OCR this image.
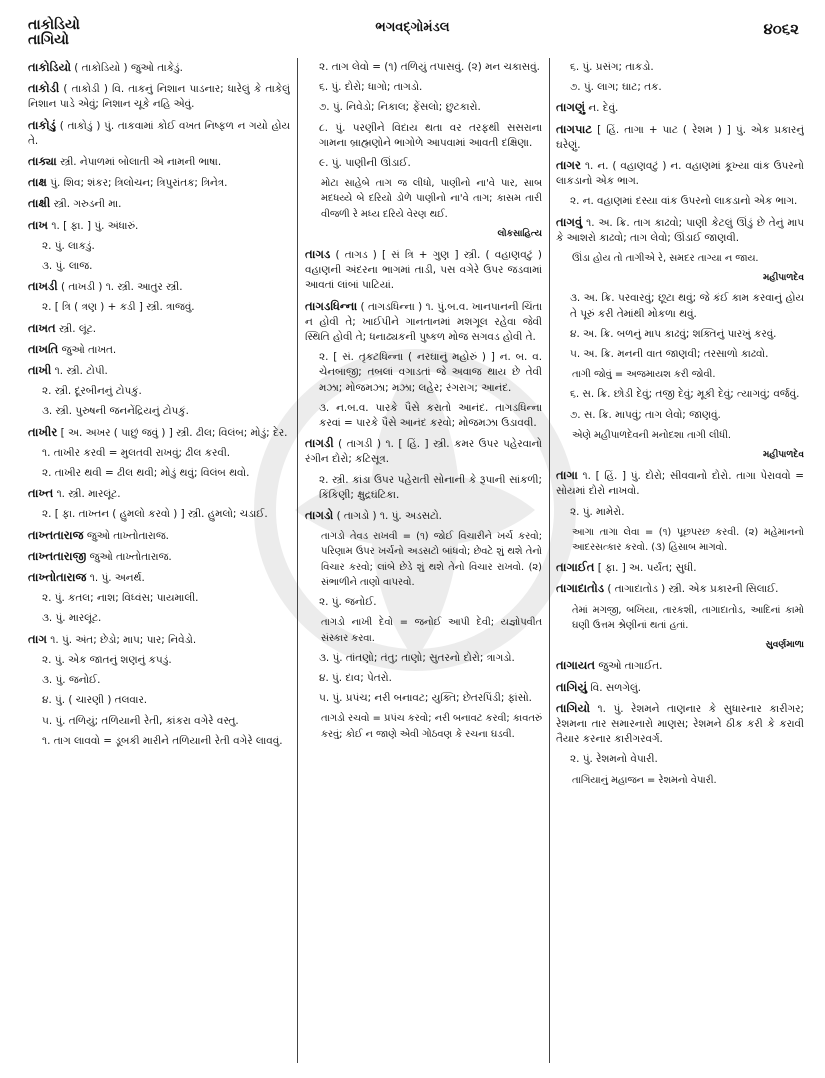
તાકોડિયો
તાગિયો
ભગવદ્ગોમંડલ	૪૦૬૨
તાકોડિયો ( તાકોડિયો ) જુઓ તાકેડું.
તાકોડી ( તાકોડી ) વિ. તાકનું નિશાન પાડનાર; ધારેલું કે તાકેલું નિશાન પાડે એવું; નિશાન ચૂકે નહિ એવું.
તાકોડું ( તાકોડું ) પું. તાકવામાં કોઈ વખત નિષ્ફળ ન ગયો હોય તે.
તાક્યા સ્ત્રી. નેપાળમાં બોલાતી એ નામની ભાષા.
તાક્ષ પું. શિવ; શંકર; ત્રિલોચન; ત્રિપુરાંતક; ત્રિનેત્ર.
તાક્ષી સ્ત્રી. ગરુડની મા.
તાખ ૧. [ ફા. ] પું. અંધારું.
૨. પું. લાકડું.
૩. પું. લાજ.
તાખડી ( તાખડી ) ૧. સ્ત્રી. આતુર સ્ત્રી.
૨. [ ત્રિ ( ત્રણ ) + કડી ] સ્ત્રી. ત્રાજવું.
તાખત સ્ત્રી. લૂંટ.
તાખતિ જુઓ તાખત.
તાખી ૧. સ્ત્રી. ટોપી.
૨. સ્ત્રી. દૂરબીનનું ટોપકું.
૩. સ્ત્રી. પુરુષની જનનેંદ્રિયનું ટોપકું.
તાખીર [ અ. અખર ( પાછું જવું ) ] સ્ત્રી. ઢીલ; વિલંબ; મોડું; દેર.
૧. તાખીર કરવી = મુલતવી રાખવું; ઢીલ કરવી.
૨. તાખીર થવી = ઢીલ થવી; મોડું થવું; વિલંબ થવો.
તાખ્ત ૧. સ્ત્રી. મારલૂંટ.
૨. [ ફા. તાખ્તન ( હુમલો કરવો ) ] સ્ત્રી. હુમલો; ચડાઈ.
તાખ્તતારાજ જુઓ તાખ્તોતારાજ.
તાખ્તતારાજી જુઓ તાખ્તોતારાજ.
તાખ્તોતારાજ ૧. પું. અનર્થ.
૨. પું. કતલ; નાશ; વિધ્વંસ; પાયમાલી.
૩. પું. મારલૂંટ.
તાગ ૧. પું. અંત; છેડો; માપ; પાર; નિવેડો.
૨. પું. એક જાતનું શણનું કપડું.
૩. પું. જનોઈ.
૪. પું. ( ચારણી ) તલવાર.
૫. પું. તળિયું; તળિયાની રેતી, કાંકરા વગેરે વસ્તુ.
૧. તાગ લાવવો = ડૂબકી મારીને તળિયાની રેતી વગેરે લાવવું.
૨. તાગ લેવો = (૧) તળિયું તપાસવું. (૨) મન ચકાસવું.
૬. પું. દોરો; ધાગો; તાગડો.
૭. પું. નિવેડો; નિકાલ; ફેંસલો; છુટકારો.
૮. પું. પરણીને વિદાય થતા વર તરફથી સસરાના ગામના બ્રાહ્મણોને ભાગોળે આપવામાં આવતી દક્ષિણા.
૯. પું. પાણીની ઊંડાઈ.
મોટા સાહેબે તાગ જ લીધો, પાણીનો ના'વે પાર, સાબ મદધય્યે બે દરિયો ડોળે પાણીનો ના'વે તાગ; કાસમ તારી વીજળી રે મધ્ય દરિયે વેરણ થઈ.
લોકસાહિત્ય
તાગડ ( તાગડ ) [ સં ત્રિ + ગુણ ] સ્ત્રી. ( વહાણવટું ) વહાણની અંદરના ભાગમાં તાડી, પસ વગેરે ઉપર જડવામાં આવતાં લાંબાં પાટિયાં.
તાગડધિન્ના ( તાગડધિન્ના ) ૧. પું.બ.વ. ખાનપાનની ચિંતા ન હોવી તે; ખાઈપીને ગાનતાનમાં મશગૂલ રહેવા જેવી સ્થિતિ હોવી તે; ધનાઢ્યકની પુષ્કળ મોજ સગવડ હોવી તે.
૨. [ સં. તૃકટધિન્ના ( નરઘાનું મહોરું ) ] ન. બ. વ. ચેનબાજી; તબલાં વગાડતાં જે અવાજ થાય છે તેવી મઝા; મોજમઝા; મઝા; લહેર; રંગરાગ; આનંદ.
૩. ન.બ.વ. પારકે પૈસે કરાતો આનંદ. તાગડધિન્ના કરવાં = પારકે પૈસે આનંદ કરવો; મોજમઝા ઉડાવવી.
તાગડી ( તાગડી ) ૧. [ હિં. ] સ્ત્રી. કમર ઉપર પહેરવાનો રંગીન દોરો; કટિસૂત્ર.
૨. સ્ત્રી. કાંડા ઉપર પહેરાતી સોનાની કે રૂપાની સાંકળી; કિંકિણી; ક્ષુદ્રઘંટિકા.
તાગડો ( તાગડો ) ૧. પું. અડસટો.
તાગડો તેવડ રાખવી = (૧) જોઈ વિચારીને ખર્ચ કરવો; પરિણામ ઉપર ખર્ચનો અડસટો બાંધવો; છેવટે શું થશે તેનો વિચાર કરવો; લાંબે છેડે શું થશે તેનો વિચાર રાખવો. (૨) સંભાળીને તાણો વાપરવો.
૨. પું. જનોઈ.
તાગડો નાખી દેવો = જનોઈ આપી દેવી; યજ્ઞોપવીત સંસ્કાર કરવા.
૩. પું. તાંતણો; તંતુ; તાણો; સુતરનો દોરો; ત્રાગડો.
૪. પું. દાવ; પેતરો.
૫. પું. પ્રપંચ; નરી બનાવટ; યુક્તિ; છેતરપિંડી; ફાંસો.
તાગડો રચવો = પ્રપંચ કરવો; નરી બનાવટ કરવી; કાવતરું કરવું; કોઈ ન જાણે એવી ગોઠવણ કે રચના ઘડવી.
૬. પું. પ્રસંગ; તાકડો.
૭. પું. લાગ; ઘાટ; તક.
તાગણું ન. દેવું.
તાગપાટ [ હિં. તાગા + પાટ ( રેશમ ) ] પું. એક પ્રકારનું ઘરેણું.
તાગર ૧. ન. ( વહાણવટું ) ન. વહાણમાં કૂખ્યા વાંક ઉપરનો લાકડાનો એક ભાગ.
૨. ન. વહાણમાં દસ્યા વાંક ઉપરનો લાકડાનો એક ભાગ.
તાગવું ૧. અ. ક્રિ. તાગ કાઢવો; પાણી કેટલું ઊંડું છે તેનું માપ કે આશરો કાઢવો; તાગ લેવો; ઊંડાઈ જાણવી.
ઊંડા હોય તો તાગીએ રે, સમદર તાગ્યા ન જાય.
મહીપાળદેવ
૩. અ. ક્રિ. પરવારવું; છૂટા થવું; જે કંઈ કામ કરવાનું હોય તે પૂરું કરી તેમાંથી મોકળા થવું.
૪. અ. ક્રિ. બળનું માપ કાઢવું; શક્તિનું પારખું કરવું.
૫. અ. ક્રિ. મનની વાત જાણવી; તરસાળો કાઢવો.
તાગી જોવું = અજમાયશ કરી જોવી.
૬. સ. ક્રિ. છોડી દેવું; તજી દેવું; મૂકી દેવું; ત્યાગવું; વર્જવું.
૭. સ. ક્રિ. માપવું; તાગ લેવો; જાણવું.
એણે મહીપાળદેવની મનોદશા તાગી લીધી.
મહીપાળદેવ
તાગા ૧. [ હિં. ] પું. દોરો; સીવવાનો દોરો. તાગા પેરાવવો = સોયમાં દોરો નાખવો.
૨. પું. મામેરો.
આગા તાગા લેવા = (૧) પૂછપરછ કરવી. (૨) મહેમાનનો આદરસત્કાર કરવો. (૩) હિસાબ માગવો.
તાગાઈત [ ફા. ] અ. પર્યંત; સુધી.
તાગાદાતોડ ( તાગાદાતોડ ) સ્ત્રી. એક પ્રકારની સિલાઈ.
તેમાં મગજી, બખિયા, તારકશી, તાગાદાતોડ, આદિનાં કામો ઘણી ઉત્તમ શ્રેણીનાં થતાં હતાં.
સુવર્ણમાળા
તાગાયત જુઓ તાગાઈત.
તાગિયું વિ. સળગેલું.
તાગિયો ૧. પું. રેશમને તાણનાર કે સુધારનાર કારીગર; રેશમના તાર સમારનારો માણસ; રેશમને ઠીક કરી કે કરાવી તૈયાર કરનાર કારીગરવર્ગ.
૨. પું. રેશમનો વેપારી.
તાગિયાનું મહાજન = રેશમનો વેપારી.
